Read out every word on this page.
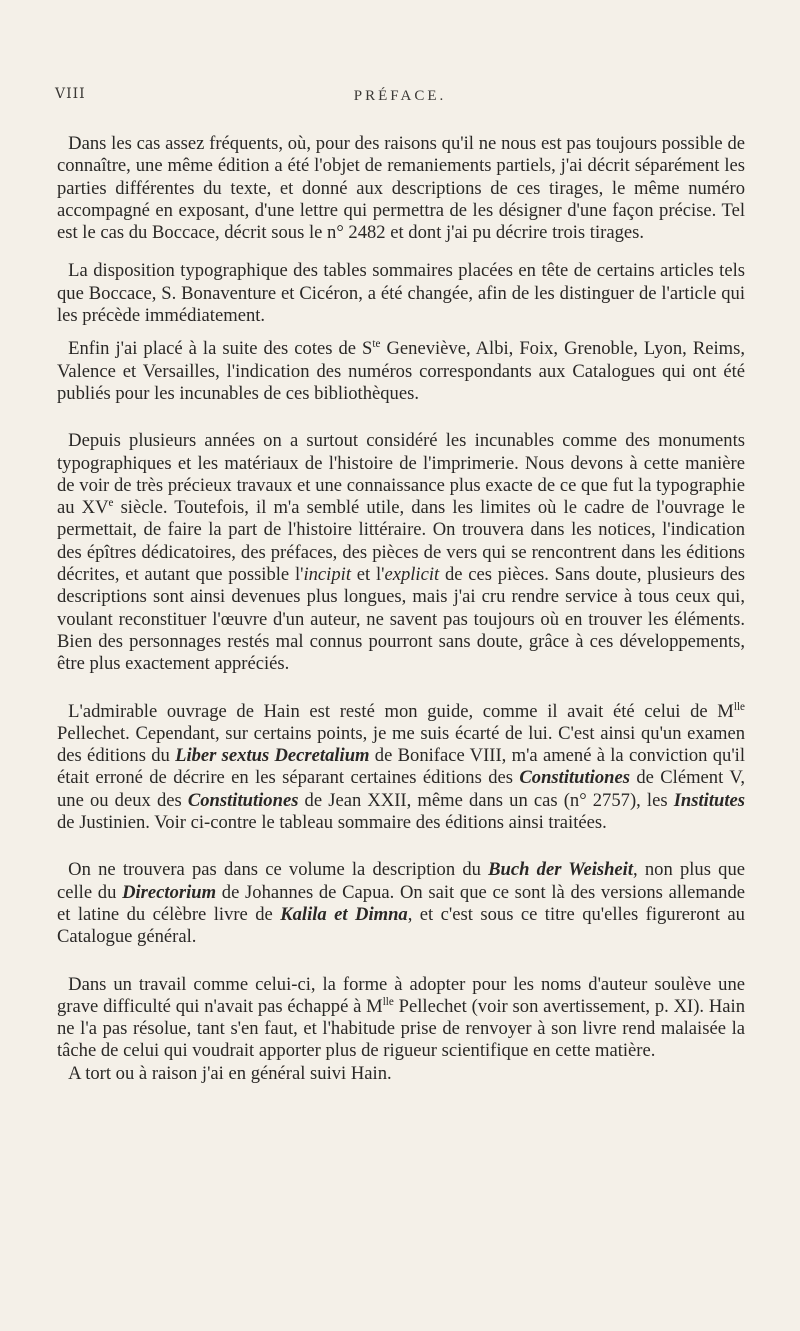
VIII	PRÉFACE.

Dans les cas assez fréquents, où, pour des raisons qu'il ne nous est pas toujours possible de connaître, une même édition a été l'objet de remaniements partiels, j'ai décrit séparément les parties différentes du texte, et donné aux descriptions de ces tirages, le même numéro accompagné en exposant, d'une lettre qui permettra de les désigner d'une façon précise. Tel est le cas du Boccace, décrit sous le n° 2482 et dont j'ai pu décrire trois tirages.

La disposition typographique des tables sommaires placées en tête de certains articles tels que Boccace, S. Bonaventure et Cicéron, a été changée, afin de les distinguer de l'article qui les précède immédiatement.

Enfin j'ai placé à la suite des cotes de $S^{te}$ Geneviève, Albi, Foix, Grenoble, Lyon, Reims, Valence et Versailles, l'indication des numéros correspondants aux Catalogues qui ont été publiés pour les incunables de ces bibliothèques.

Depuis plusieurs années on a surtout considéré les incunables comme des monuments typographiques et les matériaux de l'histoire de l'imprimerie. Nous devons à cette manière de voir de très précieux travaux et une connaissance plus exacte de ce que fut la typographie au XVe siècle. Toutefois, il m'a semblé utile, dans les limites où le cadre de l'ouvrage le permettait, de faire la part de l'histoire littéraire. On trouvera dans les notices, l'indication des épîtres dédicatoires, des préfaces, des pièces de vers qui se rencontrent dans les éditions décrites, et autant que possible l'incipit et l'explicit de ces pièces. Sans doute, plusieurs des descriptions sont ainsi devenues plus longues, mais j'ai cru rendre service à tous ceux qui, voulant reconstituer l'œuvre d'un auteur, ne savent pas toujours où en trouver les éléments. Bien des personnages restés mal connus pourront sans doute, grâce à ces développements, être plus exactement appréciés.

L'admirable ouvrage de Hain est resté mon guide, comme il avait été celui de $M^{lle}$ Pellechet. Cependant, sur certains points, je me suis écarté de lui. C'est ainsi qu'un examen des éditions du Liber sextus Decretalium de Boniface VIII, m'a amené à la conviction qu'il était erroné de décrire en les séparant certaines éditions des Constitutiones de Clément V, une ou deux des Constitutiones de Jean XXII, même dans un cas (n° 2757), les Institutes de Justinien. Voir ci-contre le tableau sommaire des éditions ainsi traitées.

On ne trouvera pas dans ce volume la description du Buch der Weisheit, non plus que celle du Directorium de Johannes de Capua. On sait que ce sont là des versions allemande et latine du célèbre livre de Kalila et Dimna, et c'est sous ce titre qu'elles figureront au Catalogue général.

Dans un travail comme celui-ci, la forme à adopter pour les noms d'auteur soulève une grave difficulté qui n'avait pas échappé à $M^{lle}$ Pellechet (voir son avertissement, p. XI). Hain ne l'a pas résolue, tant s'en faut, et l'habitude prise de renvoyer à son livre rend malaisée la tâche de celui qui voudrait apporter plus de rigueur scientifique en cette matière.

A tort ou à raison j'ai en général suivi Hain.
